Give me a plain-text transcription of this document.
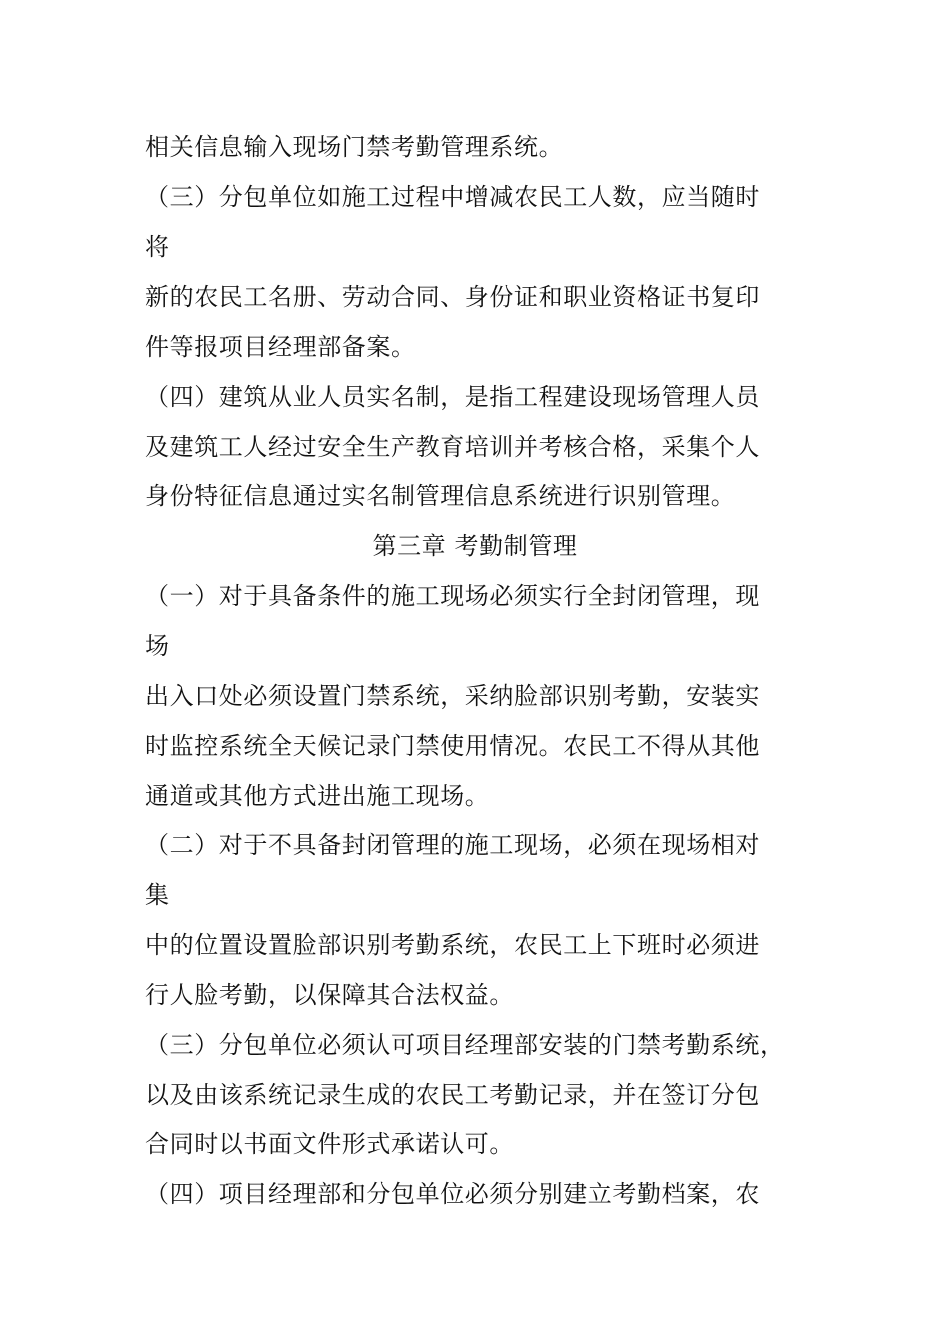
相关信息输入现场门禁考勤管理系统。
（三）分包单位如施工过程中增减农民工人数，应当随时
将
新的农民工名册、劳动合同、身份证和职业资格证书复印
件等报项目经理部备案。
（四）建筑从业人员实名制，是指工程建设现场管理人员
及建筑工人经过安全生产教育培训并考核合格，采集个人
身份特征信息通过实名制管理信息系统进行识别管理。
第三章 考勤制管理
（一）对于具备条件的施工现场必须实行全封闭管理，现
场
出入口处必须设置门禁系统，采纳脸部识别考勤，安装实
时监控系统全天候记录门禁使用情况。农民工不得从其他
通道或其他方式进出施工现场。
（二）对于不具备封闭管理的施工现场，必须在现场相对
集
中的位置设置脸部识别考勤系统，农民工上下班时必须进
行人脸考勤，以保障其合法权益。
（三）分包单位必须认可项目经理部安装的门禁考勤系统，
以及由该系统记录生成的农民工考勤记录，并在签订分包
合同时以书面文件形式承诺认可。
（四）项目经理部和分包单位必须分别建立考勤档案，农
